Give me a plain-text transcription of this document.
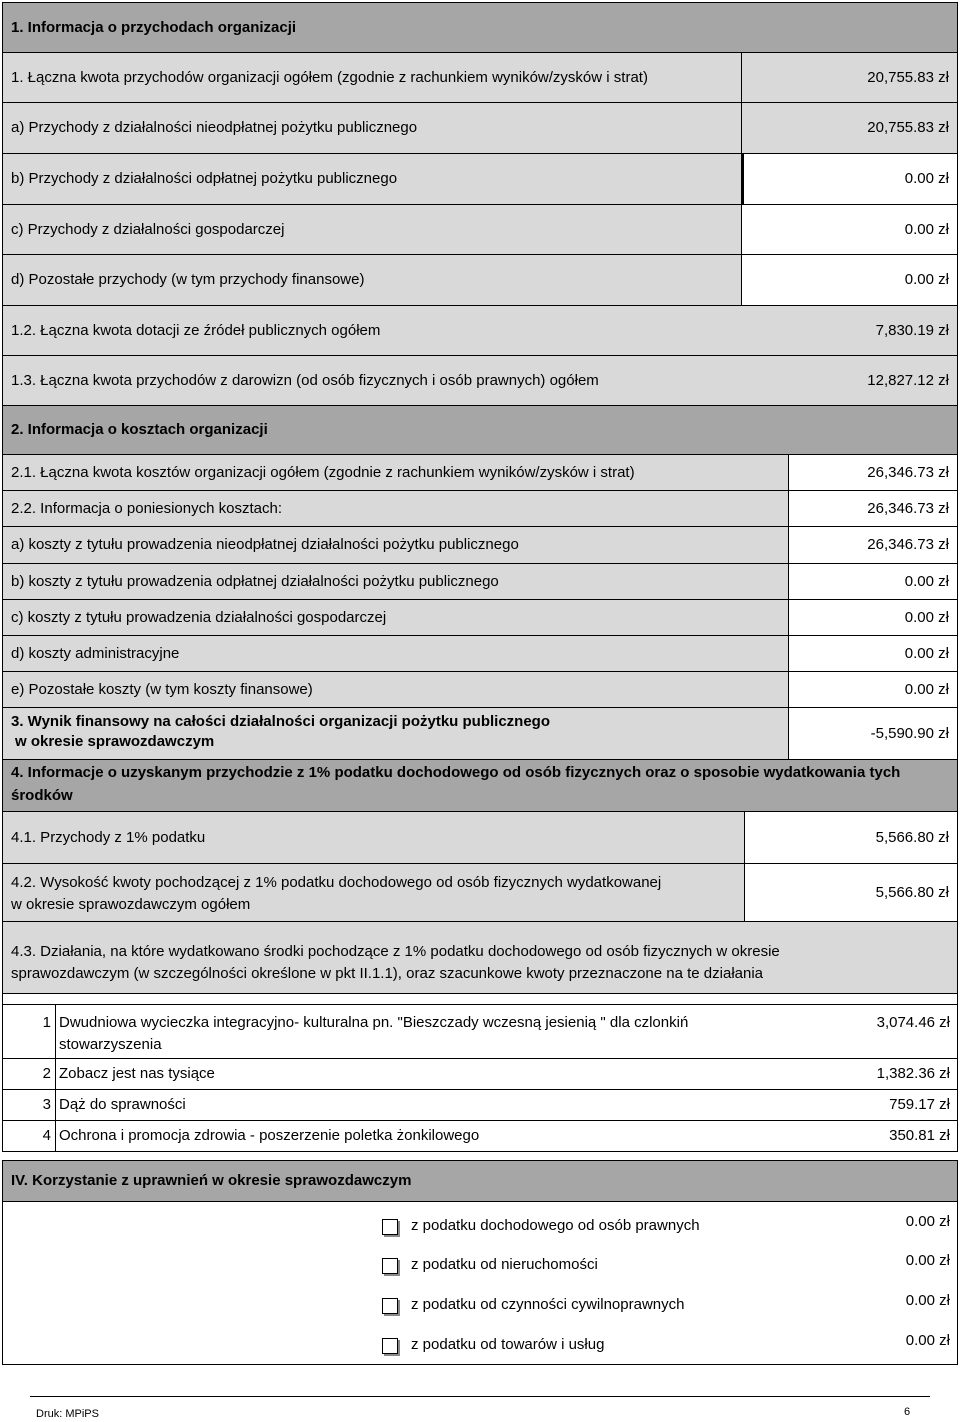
1. Informacja o przychodach organizacji
1. Łączna kwota przychodów organizacji ogółem (zgodnie z rachunkiem wyników/zysków i strat)	20,755.83 zł
a) Przychody z działalności nieodpłatnej pożytku publicznego	20,755.83 zł
b) Przychody z działalności odpłatnej pożytku publicznego	0.00 zł
c) Przychody z działalności gospodarczej	0.00 zł
d) Pozostałe przychody (w tym przychody finansowe)	0.00 zł
1.2. Łączna kwota dotacji ze źródeł publicznych ogółem	7,830.19 zł
1.3. Łączna kwota przychodów z darowizn (od osób fizycznych i osób prawnych) ogółem	12,827.12 zł
2. Informacja o kosztach organizacji
2.1. Łączna kwota kosztów organizacji ogółem (zgodnie z rachunkiem wyników/zysków i strat)	26,346.73 zł
2.2. Informacja o poniesionych kosztach:	26,346.73 zł
a) koszty z tytułu prowadzenia nieodpłatnej działalności pożytku publicznego	26,346.73 zł
b) koszty z tytułu prowadzenia odpłatnej działalności pożytku publicznego	0.00 zł
c) koszty z tytułu prowadzenia działalności gospodarczej	0.00 zł
d) koszty administracyjne	0.00 zł
e) Pozostałe koszty (w tym koszty finansowe)	0.00 zł
3. Wynik finansowy na całości działalności organizacji pożytku publicznego
w okresie sprawozdawczym	-5,590.90 zł
4. Informacje o uzyskanym przychodzie z 1% podatku dochodowego od osób fizycznych oraz o sposobie wydatkowania tych
środków
4.1. Przychody z 1% podatku	5,566.80 zł
4.2. Wysokość kwoty pochodzącej z 1% podatku dochodowego od osób fizycznych wydatkowanej
w okresie sprawozdawczym ogółem
5,566.80 zł
4.3. Działania, na które wydatkowano środki pochodzące z 1% podatku dochodowego od osób fizycznych w okresie
sprawozdawczym (w szczególności określone w pkt II.1.1), oraz szacunkowe kwoty przeznaczone na te działania
1 Dwudniowa wycieczka integracyjno- kulturalna pn. "Bieszczady wczesną jesienią " dla czlonkiń
stowarzyszenia
3,074.46 zł
2 Zobacz jest nas tysiące	1,382.36 zł
3 Dąż do sprawności	759.17 zł
4 Ochrona i promocja zdrowia - poszerzenie poletka żonkilowego	350.81 zł
IV. Korzystanie z uprawnień w okresie sprawozdawczym
z podatku dochodowego od osób prawnych	0.00 zł
z podatku od nieruchomości	0.00 zł
z podatku od czynności cywilnoprawnych	0.00 zł
z podatku od towarów i usług	0.00 zł
Druk: MPiPS	6
